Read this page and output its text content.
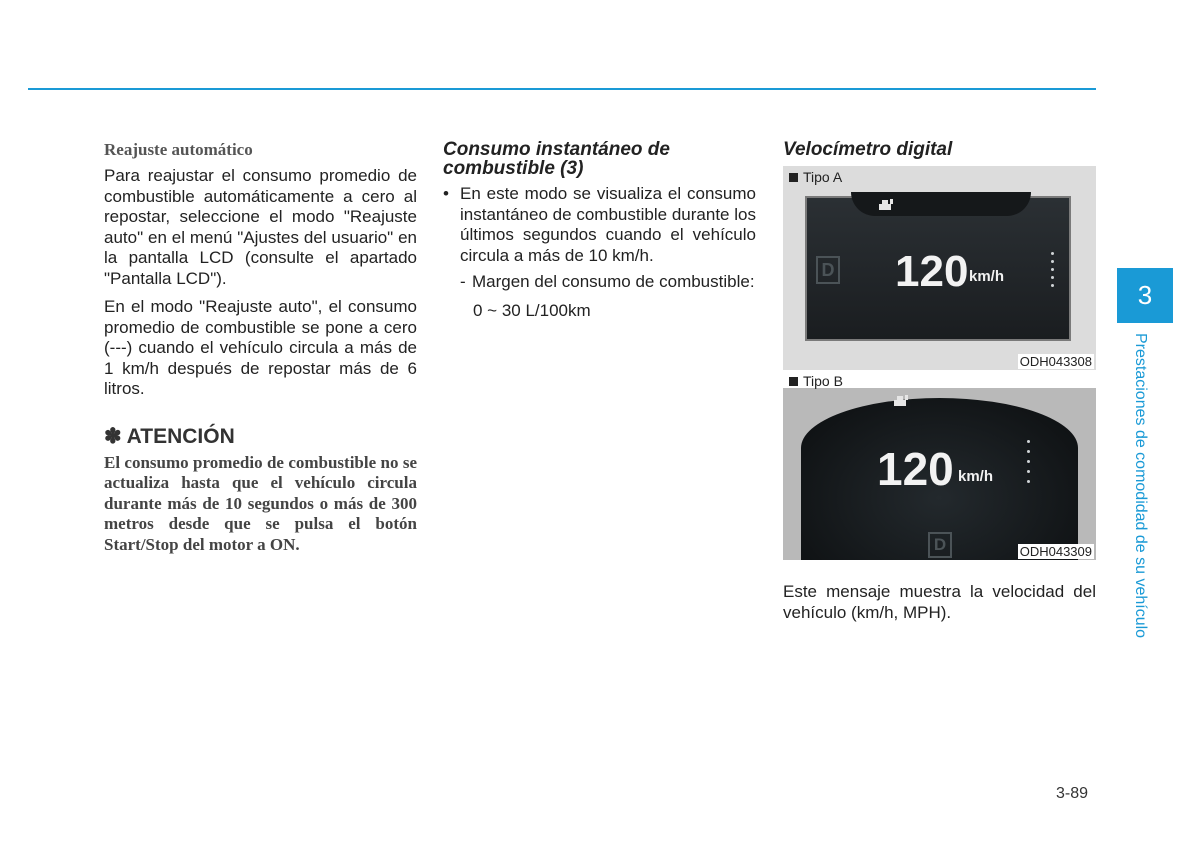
Reajuste automático

Para reajustar el consumo promedio de combustible automáticamente a cero al repostar, seleccione el modo "Reajuste auto" en el menú "Ajustes del usuario" en la pantalla LCD (consulte el apartado "Pantalla LCD").

En el modo "Reajuste auto", el consumo promedio de combustible se pone a cero (---) cuando el vehículo circula a más de 1 km/h después de repostar más de 6 litros.

✽ ATENCIÓN

El consumo promedio de combustible no se actualiza hasta que el vehículo circula durante más de 10 segundos o más de 300 metros desde que se pulsa el botón Start/Stop del motor a ON.

Consumo instantáneo de combustible (3)
• En este modo se visualiza el consumo instantáneo de combustible durante los últimos segundos cuando el vehículo circula a más de 10 km/h.
- Margen del consumo de combustible:
0 ~ 30 L/100km
Velocímetro digital
Tipo A
D 120 km/h
ODH043308
Tipo B
120 km/h
D	ODH043309

Este mensaje muestra la velocidad del vehículo (km/h, MPH).

3
Prestaciones de comodidad de su vehículo
3-89
